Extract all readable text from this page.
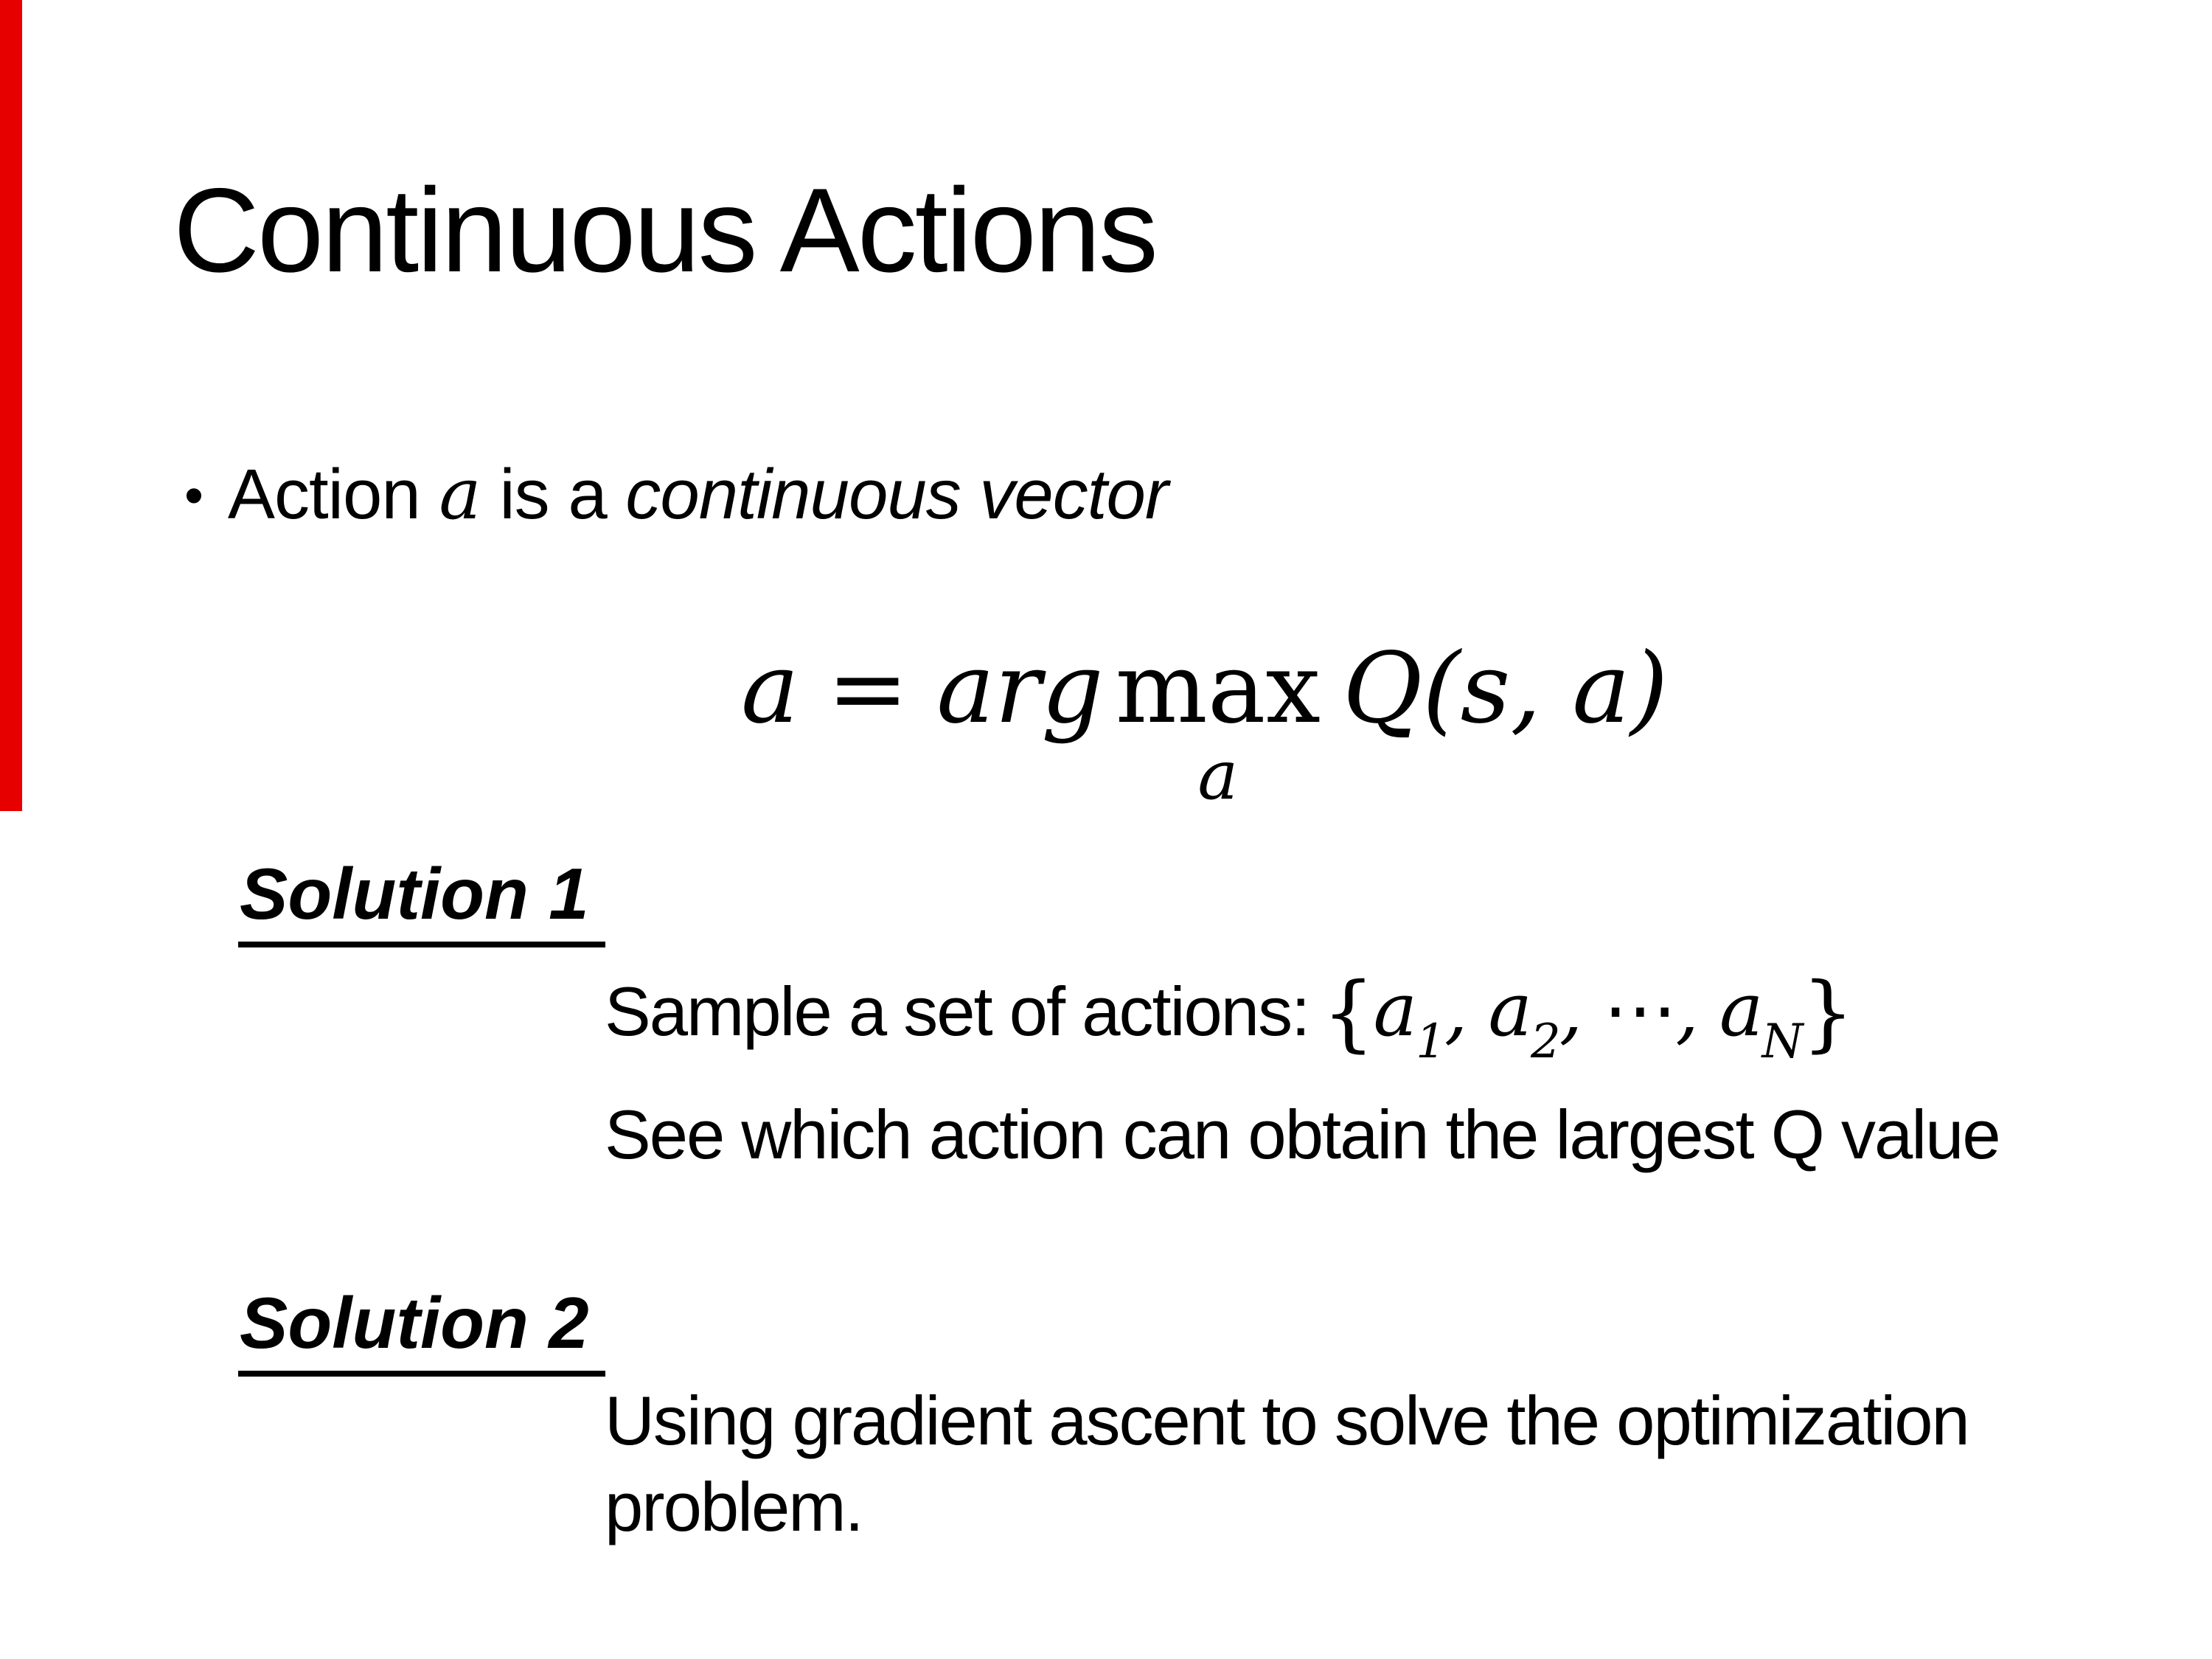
Continuous Actions
• Action a is a continuous vector
a = arg max
a
Q(s, a)
Solution 1
Sample a set of actions: {$a_1$, $a_2$, ⋯, $a_N$}
See which action can obtain the largest Q value
Solution 2
Using gradient ascent to solve the optimization
problem.
